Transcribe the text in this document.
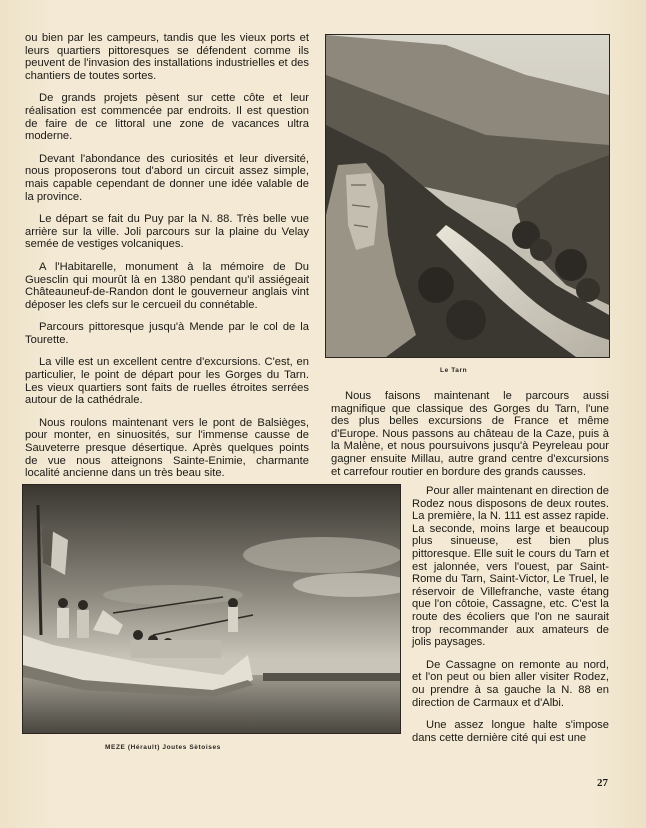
ou bien par les campeurs, tandis que les vieux ports et leurs quartiers pittoresques se défendent comme ils peuvent de l'invasion des installations industrielles et des chantiers de toutes sortes.

De grands projets pèsent sur cette côte et leur réalisation est commencée par endroits. Il est question de faire de ce littoral une zone de vacances ultra moderne.

Devant l'abondance des curiosités et leur diversité, nous proposerons tout d'abord un circuit assez simple, mais capable cependant de donner une idée valable de la province.

Le départ se fait du Puy par la N. 88. Très belle vue arrière sur la ville. Joli parcours sur la plaine du Velay semée de vestiges volcaniques.

A l'Habitarelle, monument à la mémoire de Du Guesclin qui mourût là en 1380 pendant qu'il assiégeait Châteauneuf-de-Randon dont le gouverneur anglais vint déposer les clefs sur le cercueil du connétable.

Parcours pittoresque jusqu'à Mende par le col de la Tourette.

La ville est un excellent centre d'excursions. C'est, en particulier, le point de départ pour les Gorges du Tarn. Les vieux quartiers sont faits de ruelles étroites serrées autour de la cathédrale.

Nous roulons maintenant vers le pont de Balsièges, pour monter, en sinuosités, sur l'immense causse de Sauveterre presque désertique. Après quelques points de vue nous atteignons Sainte-Enimie, charmante localité ancienne dans un très beau site.

Le Tarn

Nous faisons maintenant le parcours aussi magnifique que classique des Gorges du Tarn, l'une des plus belles excursions de France et même d'Europe. Nous passons au château de la Caze, puis à la Malène, et nous poursuivons jusqu'à Peyreleau pour gagner ensuite Millau, autre grand centre d'excursions et carrefour routier en bordure des grands causses.

MEZE (Hérault) Joutes Sètoises

Pour aller maintenant en direction de Rodez nous disposons de deux routes. La première, la N. 111 est assez rapide. La seconde, moins large et beaucoup plus sinueuse, est bien plus pittoresque. Elle suit le cours du Tarn et est jalonnée, vers l'ouest, par Saint-Rome du Tarn, Saint-Victor, Le Truel, le réservoir de Villefranche, vaste étang que l'on côtoie, Cassagne, etc. C'est la route des écoliers que l'on ne saurait trop recommander aux amateurs de jolis paysages.

De Cassagne on remonte au nord, et l'on peut ou bien aller visiter Rodez, ou prendre à sa gauche la N. 88 en direction de Carmaux et d'Albi.

Une assez longue halte s'impose dans cette dernière cité qui est une

27
